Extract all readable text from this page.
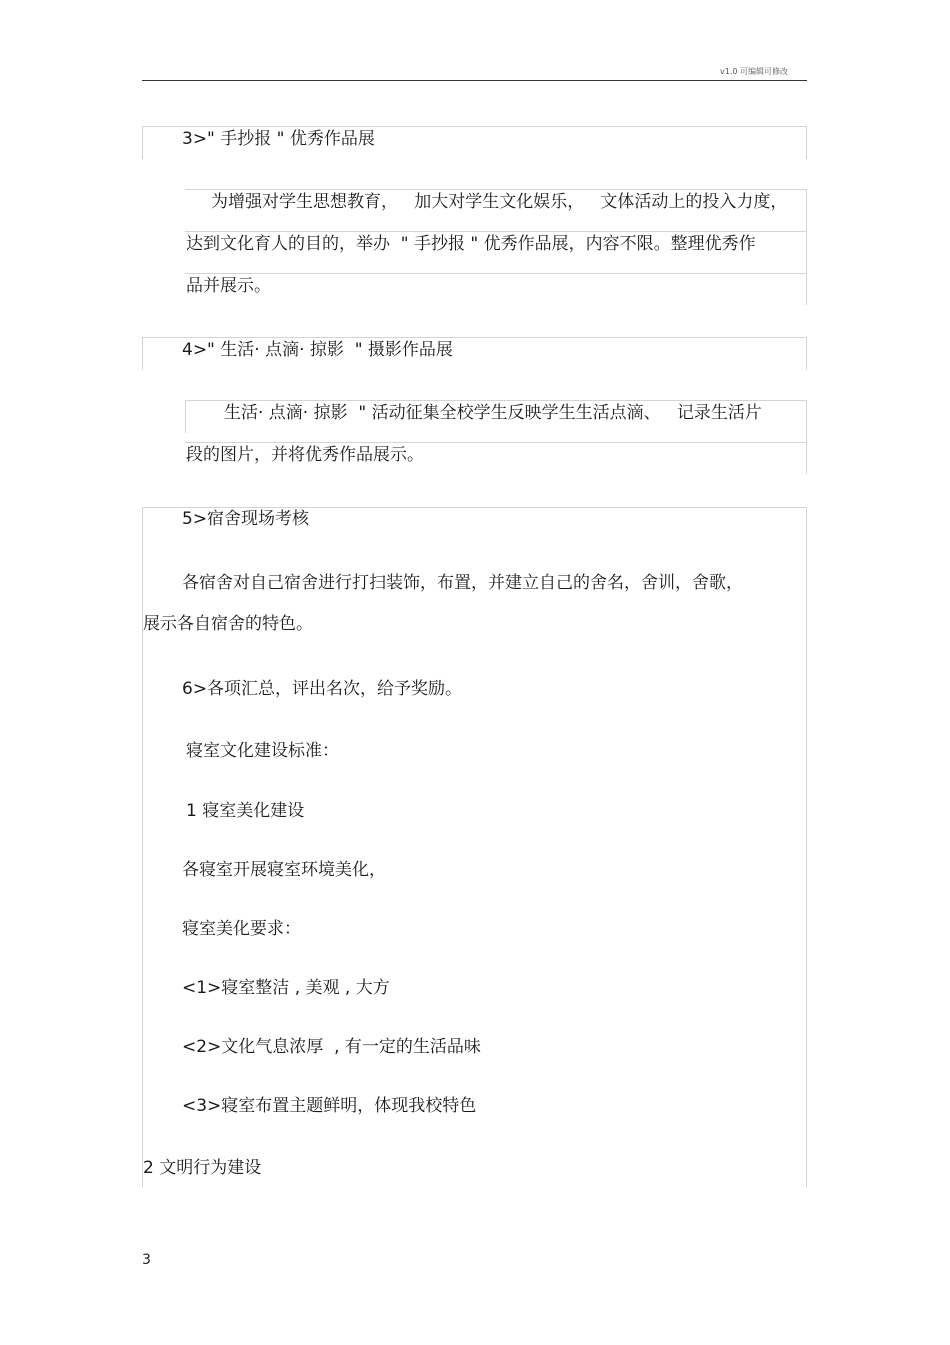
v1.0 可编辑可修改
3>" 手抄报 " 优秀作品展
为增强对学生思想教育，   加大对学生文化娱乐，   文体活动上的投入力度，
达到文化育人的目的，举办  " 手抄报 " 优秀作品展，内容不限。整理优秀作
品并展示。
4>" 生活· 点滴· 掠影  " 摄影作品展
生活· 点滴· 掠影  " 活动征集全校学生反映学生生活点滴、   记录生活片
段的图片，并将优秀作品展示。
5>宿舍现场考核
各宿舍对自己宿舍进行打扫装饰，布置，并建立自己的舍名，舍训，舍歌，
展示各自宿舍的特色。
6>各项汇总，评出名次，给予奖励。
寝室文化建设标准：
1 寝室美化建设
各寝室开展寝室环境美化，
寝室美化要求：
<1>寝室整洁 , 美观 , 大方
<2>文化气息浓厚  , 有一定的生活品味
<3>寝室布置主题鲜明，体现我校特色
2 文明行为建设
3
